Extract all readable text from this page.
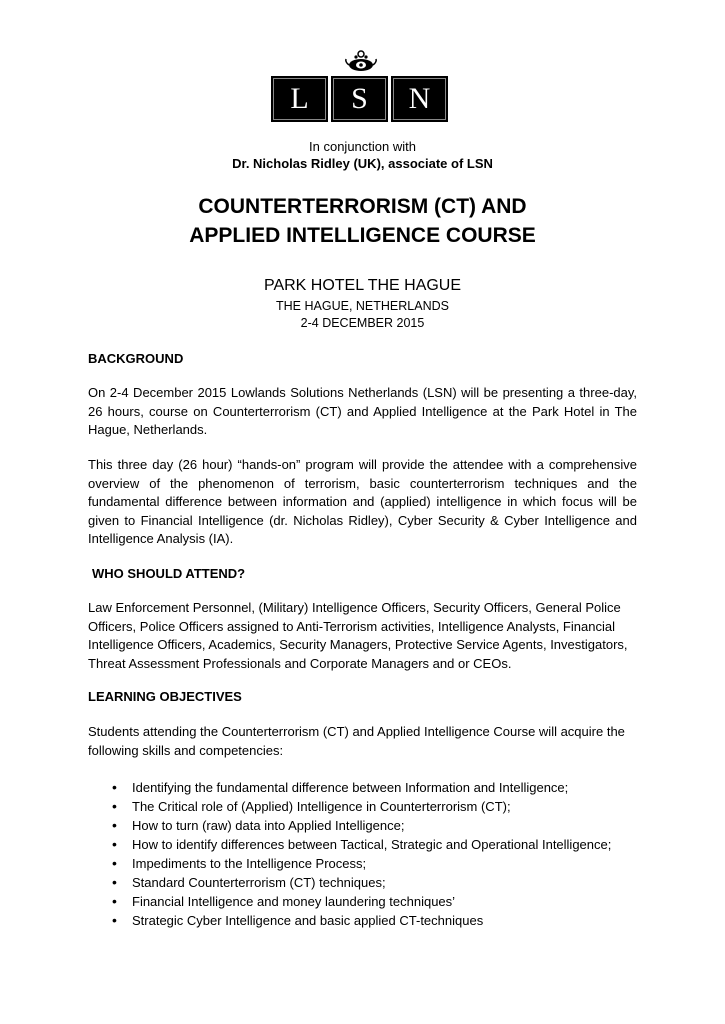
L	S	N
In conjunction with
Dr. Nicholas Ridley (UK), associate of LSN
COUNTERTERRORISM (CT) AND
APPLIED INTELLIGENCE COURSE
PARK HOTEL THE HAGUE
THE HAGUE, NETHERLANDS
2-4 DECEMBER 2015
BACKGROUND

On 2-4 December 2015 Lowlands Solutions Netherlands (LSN) will be presenting a three-day, 26 hours, course on Counterterrorism (CT) and Applied Intelligence at the Park Hotel in The Hague, Netherlands.

This three day (26 hour) “hands-on” program will provide the attendee with a comprehensive overview of the phenomenon of terrorism, basic counterterrorism techniques and the fundamental difference between information and (applied) intelligence in which focus will be given to Financial Intelligence (dr. Nicholas Ridley), Cyber Security & Cyber Intelligence and Intelligence Analysis (IA).

WHO SHOULD ATTEND?

Law Enforcement Personnel, (Military) Intelligence Officers, Security Officers, General Police Officers, Police Officers assigned to Anti-Terrorism activities, Intelligence Analysts, Financial Intelligence Officers, Academics, Security Managers, Protective Service Agents, Investigators, Threat Assessment Professionals and Corporate Managers and or CEOs.

LEARNING OBJECTIVES

Students attending the Counterterrorism (CT) and Applied Intelligence Course will acquire the following skills and competencies:

• Identifying the fundamental difference between Information and Intelligence;
• The Critical role of (Applied) Intelligence in Counterterrorism (CT);
• How to turn (raw) data into Applied Intelligence;
• How to identify differences between Tactical, Strategic and Operational Intelligence;
• Impediments to the Intelligence Process;
• Standard Counterterrorism (CT) techniques;
• Financial Intelligence and money laundering techniques’
• Strategic Cyber Intelligence and basic applied CT-techniques
